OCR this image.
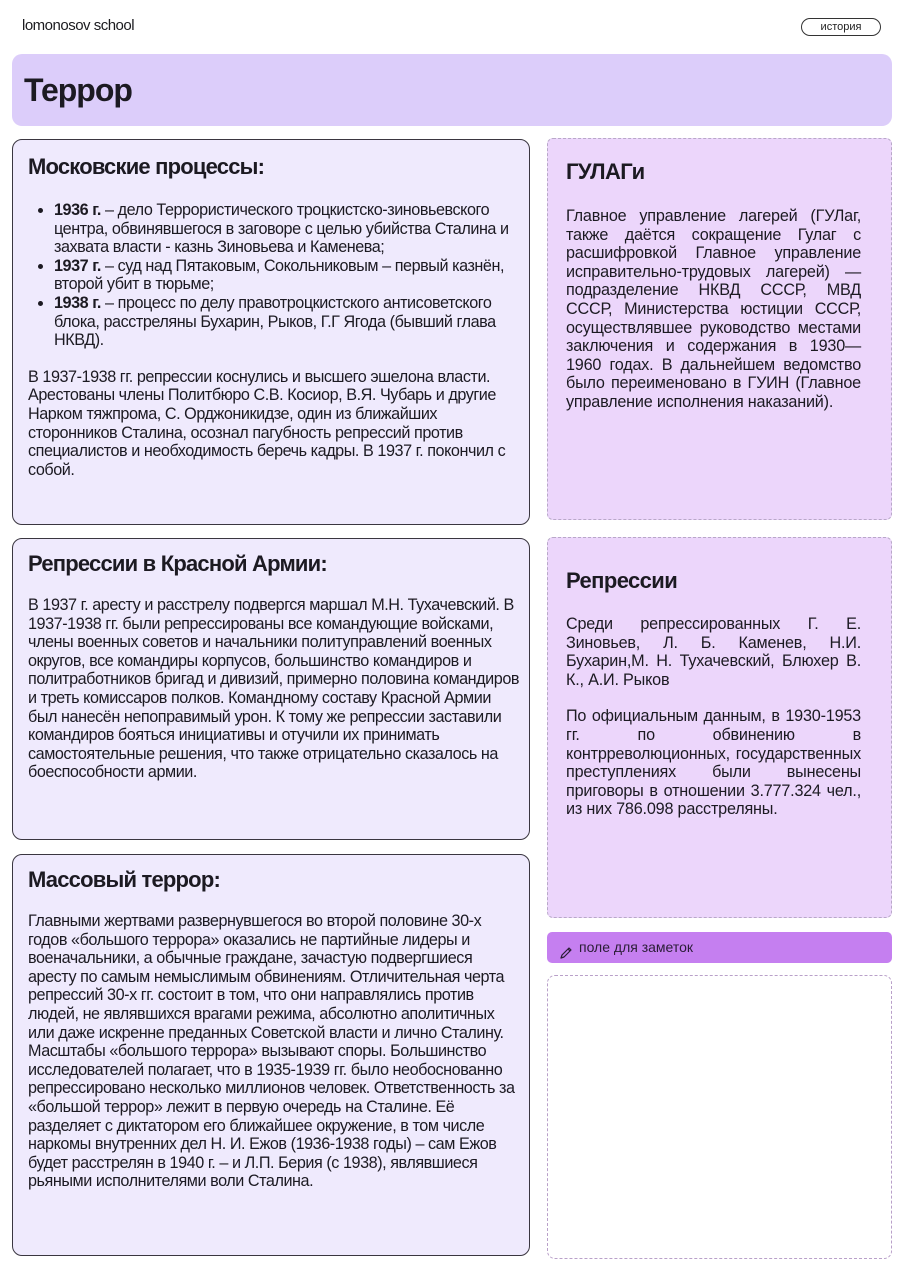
lomonosov school	история
Террор
Московские процессы:
• 1936 г. – дело Террористического троцкистско-зиновьевского центра, обвинявшегося в заговоре с целью убийства Сталина и захвата власти - казнь Зиновьева и Каменева;
• 1937 г. – суд над Пятаковым, Сокольниковым – первый казнён, второй убит в тюрьме;
• 1938 г. – процесс по делу правотроцкистского антисоветского блока, расстреляны Бухарин, Рыков, Г.Г Ягода (бывший глава НКВД).

В 1937-1938 гг. репрессии коснулись и высшего эшелона власти. Арестованы члены Политбюро С.В. Косиор, В.Я. Чубарь и другие Нарком тяжпрома, С. Орджоникидзе, один из ближайших сторонников Сталина, осознал пагубность репрессий против специалистов и необходимость беречь кадры. В 1937 г. покончил с собой.

Репрессии в Красной Армии:

В 1937 г. аресту и расстрелу подвергся маршал М.Н. Тухачевский. В 1937-1938 гг. были репрессированы все командующие войсками, члены военных советов и начальники политуправлений военных округов, все командиры корпусов, большинство командиров и политработников бригад и дивизий, примерно половина командиров и треть комиссаров полков. Командному составу Красной Армии был нанесён непоправимый урон. К тому же репрессии заставили командиров бояться инициативы и отучили их принимать самостоятельные решения, что также отрицательно сказалось на боеспособности армии.

Массовый террор:

Главными жертвами развернувшегося во второй половине 30-х годов «большого террора» оказались не партийные лидеры и военачальники, а обычные граждане, зачастую подвергшиеся аресту по самым немыслимым обвинениям. Отличительная черта репрессий 30-х гг. состоит в том, что они направлялись против людей, не являвшихся врагами режима, абсолютно аполитичных или даже искренне преданных Советской власти и лично Сталину. Масштабы «большого террора» вызывают споры. Большинство исследователей полагает, что в 1935-1939 гг. было необоснованно репрессировано несколько миллионов человек. Ответственность за «большой террор» лежит в первую очередь на Сталине. Её разделяет с диктатором его ближайшее окружение, в том числе наркомы внутренних дел Н. И. Ежов (1936-1938 годы) – сам Ежов будет расстрелян в 1940 г. – и Л.П. Берия (с 1938), являвшиеся рьяными исполнителями воли Сталина.

ГУЛАГи

Главное управление лагерей (ГУЛаг, также даётся сокращение Гулаг с расшифровкой Главное управление исправительно-трудовых лагерей) — подразделение НКВД СССР, МВД СССР, Министерства юстиции СССР, осуществлявшее руководство местами заключения и содержания в 1930—1960 годах. В дальнейшем ведомство было переименовано в ГУИН (Главное управление исполнения наказаний).

Репрессии

Среди репрессированных Г. Е. Зиновьев, Л. Б. Каменев, Н.И. Бухарин,М. Н. Тухачевский, Блюхер В. К., А.И. Рыков

По официальным данным, в 1930-1953 гг. по обвинению в контрреволюционных, государственных преступлениях были вынесены приговоры в отношении 3.777.324 чел., из них 786.098 расстреляны.

поле для заметок
